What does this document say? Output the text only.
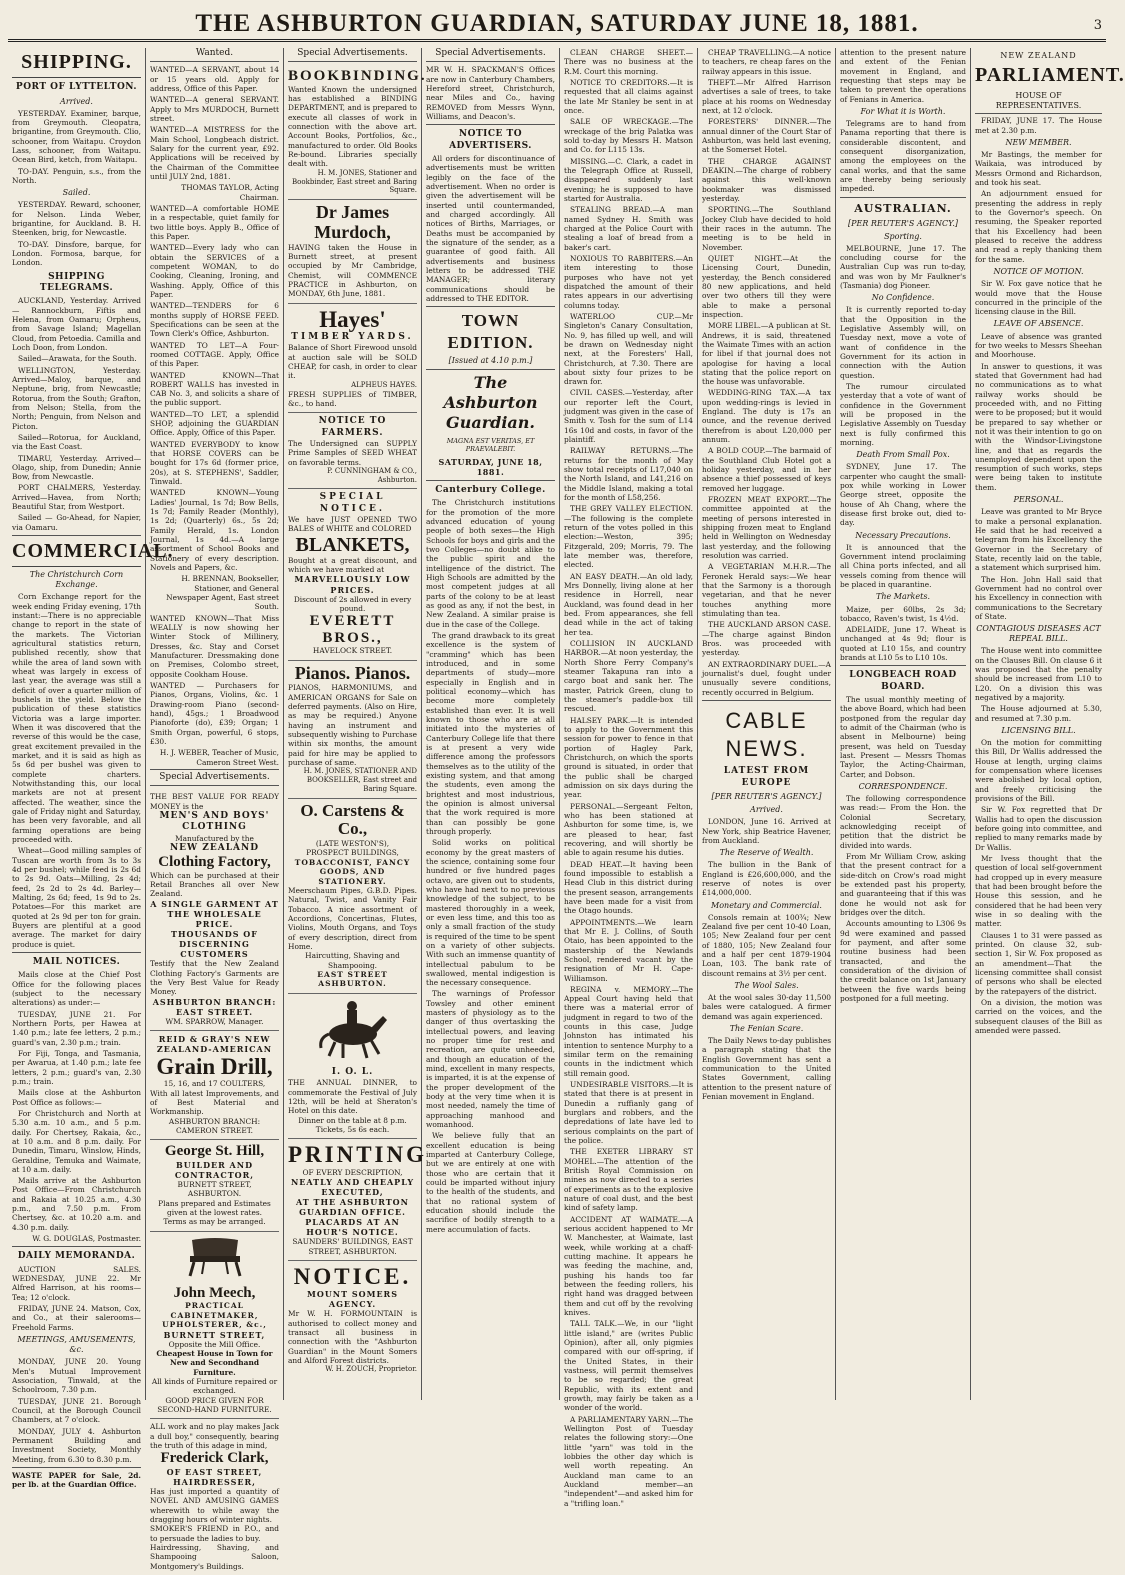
THE ASHBURTON GUARDIAN, SATURDAY JUNE 18, 1881.	3
SHIPPING.
PORT OF LYTTELTON.
Arrived.

YESTERDAY. Examiner, barque, from Greymouth. Cleopatra, brigantine, from Greymouth. Clio, schooner, from Waitapu. Croydon Lass, schooner, from Waitapu. Ocean Bird, ketch, from Waitapu.

TO-DAY. Penguin, s.s., from the North.

Sailed.

YESTERDAY. Reward, schooner, for Nelson. Linda Weber, brigantine, for Auckland. B. H. Steenken, brig, for Newcastle.

TO-DAY. Dinsfore, barque, for London. Formosa, barque, for London.

SHIPPING TELEGRAMS.

AUCKLAND, Yesterday. Arrived — Rannockburn, Fiftis and Helena, from Oamaru; Orpheus, from Savage Island; Magellan Cloud, from Petoedia. Camilla and Loch Doon, from London.

Sailed—Arawata, for the South.

WELLINGTON, Yesterday. Arrived—Maloy, barque, and Neptune, brig, from Newcastle; Rotorua, from the South; Grafton, from Nelson; Stella, from the North; Penguin, from Nelson and Picton.

Sailed—Rotorua, for Auckland, via the East Coast.

TIMARU, Yesterday. Arrived—Olago, ship, from Dunedin; Annie Bow, from Newcastle.

PORT CHALMERS, Yesterday. Arrived—Havea, from North; Beautiful Star, from Westport.

Sailed — Go-Ahead, for Napier, via Oamaru.

COMMERCIAL.
The Christchurch Corn Exchange.

Corn Exchange report for the week ending Friday evening, 17th instant:—There is no appreciable change to report in the state of the markets. The Victorian agricultural statistics return, published recently, show that while the area of land sown with wheat was largely in excess of last year, the average was still a deficit of over a quarter million of bushels in the yield. Below the publication of these statistics Victoria was a large importer. When it was discovered that the reverse of this would be the case, great excitement prevailed in the market, and it is said as high as 5s 6d per bushel was given to complete charters. Notwithstanding this, our local markets are not at present affected. The weather, since the gale of Friday night and Saturday, has been very favorable, and all farming operations are being proceeded with.

Wheat—Good milling samples of Tuscan are worth from 3s to 3s 4d per bushel; while feed is 2s 6d to 2s 9d. Oats—Milling, 2s 4d; feed, 2s 2d to 2s 4d. Barley—Malting, 2s 6d; feed, 1s 9d to 2s. Potatoes—For this market are quoted at 2s 9d per ton for grain. Buyers are plentiful at a good average. The market for dairy produce is quiet.

MAIL NOTICES.

Mails close at the Chief Post Office for the following places (subject to the necessary alterations) as under:—

TUESDAY, JUNE 21. For Northern Ports, per Hawea at 1.40 p.m.; late fee letters, 2 p.m.; guard's van, 2.30 p.m.; train.

For Fiji, Tonga, and Tasmania, per Awarua, at 1.40 p.m.; late fee letters, 2 p.m.; guard's van, 2.30 p.m.; train.

Mails close at the Ashburton Post Office as follows:—

For Christchurch and North at 5.30 a.m. 10 a.m., and 5 p.m. daily. For Chertsey, Rakaia, &c., at 10 a.m. and 8 p.m. daily. For Dunedin, Timaru, Winslow, Hinds, Geraldine, Temuka and Waimate, at 10 a.m. daily.

Mails arrive at the Ashburton Post Office—From Christchurch and Rakaia at 10.25 a.m., 4.30 p.m., and 7.50 p.m. From Chertsey, &c. at 10.20 a.m. and 4.30 p.m. daily.

W. G. DOUGLAS, Postmaster.

DAILY MEMORANDA.

AUCTION SALES. WEDNESDAY, JUNE 22. Mr Alfred Harrison, at his rooms—Tea; 12 o'clock.

FRIDAY, JUNE 24. Matson, Cox, and Co., at their salerooms—Freehold Farms.

MEETINGS, AMUSEMENTS, &c.

MONDAY, JUNE 20. Young Men's Mutual Improvement Association, Tinwald, at the Schoolroom, 7.30 p.m.

TUESDAY, JUNE 21. Borough Council, at the Borough Council Chambers, at 7 o'clock.

MONDAY, JULY 4. Ashburton Permanent Building and Investment Society, Monthly Meeting, from 6.30 to 8.30 p.m.

WASTE PAPER for Sale, 2d. per lb. at the Guardian Office.

Wanted.

WANTED—A SERVANT, about 14 or 15 years old. Apply for address, Office of this Paper.

WANTED—A general SERVANT. Apply to Mrs MURDOCH, Burnett street.

WANTED—A MISTRESS for the Main School, Longbeach district. Salary for the current year, £92. Applications will be received by the Chairman of the Committee until JULY 2nd, 1881.

THOMAS TAYLOR, Acting Chairman.

WANTED—A comfortable HOME in a respectable, quiet family for two little boys. Apply B., Office of this Paper.

WANTED—Every lady who can obtain the SERVICES of a competent WOMAN, to do Cooking, Cleaning, Ironing, and Washing. Apply, Office of this Paper.

WANTED—TENDERS for 6 months supply of HORSE FEED. Specifications can be seen at the Town Clerk's Office, Ashburton.

WANTED TO LET—A Four-roomed COTTAGE. Apply, Office of this Paper.

WANTED KNOWN—That ROBERT WALLS has invested in CAB No. 3, and solicits a share of the public support.

WANTED—TO LET, a splendid SHOP, adjoining the GUARDIAN Office. Apply, Office of this Paper.

WANTED EVERYBODY to know that HORSE COVERS can be bought for 17s 6d (former price, 20s), at S. STEPHENS', Saddler, Tinwald.

WANTED KNOWN—Young Ladies' Journal, 1s 7d; Bow Bells, 1s 7d; Family Reader (Monthly), 1s 2d; (Quarterly) 6s., 5s 2d; Family Herald, 1s. London Journal, 1s 4d.—A large assortment of School Books and Stationery of every description. Novels and Papers, &c.

H. BRENNAN, Bookseller, Stationer, and General Newspaper Agent, East street South.

WANTED KNOWN—That Miss WEALLY is now showing her Winter Stock of Millinery, Dresses, &c. Stay and Corset Manufacturer. Dressmaking done on Premises, Colombo street, opposite Cookham House.

WANTED — Purchasers for Pianos, Organs, Violins, &c. 1 Drawing-room Piano (second-hand), 45gs.; 1 Broadwood Pianoforte (do), £39; Organ; 1 Smith Organ, powerful, 6 stops, £30.

H. J. WEBER, Teacher of Music, Cameron Street West.

Special Advertisements.
THE BEST VALUE FOR READY MONEY is the
MEN'S AND BOYS' CLOTHING
Manufactured by the
NEW ZEALAND
Clothing Factory,
Which can be purchased at their Retail Branches all over New Zealand.
A SINGLE GARMENT AT THE WHOLESALE PRICE.
THOUSANDS OF DISCERNING CUSTOMERS
Testify that the New Zealand Clothing Factory's Garments are the Very Best Value for Ready Money.
ASHBURTON BRANCH: EAST STREET.
WM. SPARROW, Manager.
REID & GRAY'S NEW ZEALAND-AMERICAN
Grain Drill,
15, 16, and 17 COULTERS,
With all latest Improvements, and of Best Material and Workmanship.
ASHBURTON BRANCH: CAMERON STREET.
George St. Hill,
BUILDER AND CONTRACTOR,
BURNETT STREET, ASHBURTON.
Plans prepared and Estimates given at the lowest rates.
Terms as may be arranged.
John Meech,
PRACTICAL CABINETMAKER, UPHOLSTERER, &c.,
BURNETT STREET,
Opposite the Mill Office.
Cheapest House in Town for New and Secondhand Furniture.
All kinds of Furniture repaired or exchanged.
GOOD PRICE GIVEN FOR SECOND-HAND FURNITURE.
ALL work and no play makes Jack a dull boy," consequently, bearing the truth of this adage in mind,
Frederick Clark,
OF EAST STREET, HAIRDRESSER,
Has just imported a quantity of NOVEL AND AMUSING GAMES wherewith to while away the dragging hours of winter nights.
SMOKER'S FRIEND in P.O., and to persuade the ladies to buy.
Hairdressing, Shaving, and Shampooing Saloon, Montgomery's Buildings.
Special Advertisements.
BOOKBINDING.
Wanted Known the undersigned has established a BINDING DEPARTMENT, and is prepared to execute all classes of work in connection with the above art. Account Books, Portfolios, &c., manufactured to order. Old Books Re-bound. Libraries specially dealt with.
H. M. JONES, Stationer and Bookbinder, East street and Baring Square.
Dr James Murdoch,
HAVING taken the House in Burnett street, at present occupied by Mr Cambridge, Chemist, will COMMENCE PRACTICE in Ashburton, on MONDAY, 6th June, 1881.
Hayes'
TIMBER YARDS.
Balance of Short Firewood unsold at auction sale will be SOLD CHEAP, for cash, in order to clear it.
ALPHEUS HAYES.
FRESH SUPPLIES of TIMBER, &c., to hand.
NOTICE TO FARMERS.
The Undersigned can SUPPLY Prime Samples of SEED WHEAT on favorable terms.
P. CUNNINGHAM & CO., Ashburton.
SPECIAL NOTICE.
We have JUST OPENED TWO BALES of WHITE and COLORED
BLANKETS,
Bought at a great discount, and which we have marked at
MARVELLOUSLY LOW PRICES.
Discount of 2s allowed in every pound.
EVERETT BROS.,
HAVELOCK STREET.
Pianos. Pianos.
PIANOS, HARMONIUMS, and AMERICAN ORGANS for Sale on deferred payments. (Also on Hire, as may be required.) Anyone having an instrument and subsequently wishing to Purchase within six months, the amount paid for hire may be applied to purchase of same.
H. M. JONES, STATIONER AND BOOKSELLER, East street and Baring Square.
O. Carstens & Co.,
(LATE WESTON'S),
PROSPECT BUILDINGS,
TOBACCONIST, FANCY GOODS, AND STATIONERY.
Meerschaum Pipes, G.B.D. Pipes. Natural, Twist, and Vanity Fair Tobacco. A nice assortment of Accordions, Concertinas, Flutes, Violins, Mouth Organs, and Toys of every description, direct from Home.
Haircutting, Shaving and Shampooing.
EAST STREET ASHBURTON.
I. O. L.
THE ANNUAL DINNER, to commemorate the Festival of July 12th, will be held at Sheraton's Hotel on this date.
Dinner on the table at 8 p.m.
Tickets, 5s 6s each.
PRINTING
OF EVERY DESCRIPTION,
NEATLY AND CHEAPLY EXECUTED,
AT THE ASHBURTON GUARDIAN OFFICE.
PLACARDS AT AN HOUR'S NOTICE.
SAUNDERS' BUILDINGS, EAST STREET, ASHBURTON.
NOTICE.
MOUNT SOMERS AGENCY.
Mr W. H. FORMOUNTAIN is authorised to collect money and transact all business in connection with the "Ashburton Guardian" in the Mount Somers and Alford Forest districts.
W. H. ZOUCH, Proprietor.
Special Advertisements.

MR W. H. SPACKMAN'S Offices are now in Canterbury Chambers, Hereford street, Christchurch, near Miles and Co., having REMOVED from Messrs Wynn, Williams, and Deacon's.

NOTICE TO ADVERTISERS.

All orders for discontinuance of advertisements must be written legibly on the face of the advertisement. When no order is given the advertisement will be inserted until countermanded, and charged accordingly. All notices of Births, Marriages, or Deaths must be accompanied by the signature of the sender, as a guarantee of good faith. All advertisements and business letters to be addressed THE MANAGER; literary communications should be addressed to THE EDITOR.

TOWN EDITION.
[Issued at 4.10 p.m.]
The Ashburton Guardian.
MAGNA EST VERITAS, ET PRAEVALEBIT.
SATURDAY, JUNE 18, 1881.
Canterbury College.

The Christchurch institutions for the promotion of the more advanced education of young people of both sexes—the High Schools for boys and girls and the two Colleges—no doubt alike to the public spirit and the intelligence of the district. The High Schools are admitted by the most competent judges at all parts of the colony to be at least as good as any, if not the best, in New Zealand. A similar praise is due in the case of the College.

The grand drawback to its great excellence is the system of "cramming" which has been introduced, and in some departments of study—more especially in English and in political economy—which has become more completely established than ever. It is well known to those who are at all initiated into the mysteries of Canterbury College life that there is at present a very wide difference among the professors themselves as to the utility of the existing system, and that among the students, even among the brightest and most industrious, the opinion is almost universal that the work required is more than can possibly be gone through properly.

Solid works on political economy by the great masters of the science, containing some four hundred or five hundred pages octavo, are given out to students, who have had next to no previous knowledge of the subject, to be mastered thoroughly in a week, or even less time, and this too as only a small fraction of the study is required of the time to be spent on a variety of other subjects. With such an immense quantity of intellectual pabulum to be swallowed, mental indigestion is the necessary consequence.

The warnings of Professor Towsley and other eminent masters of physiology as to the danger of thus overtasking the intellectual powers, and leaving no proper time for rest and recreation, are quite unheeded, and though an education of the mind, excellent in many respects, is imparted, it is at the expense of the proper development of the body at the very time when it is most needed, namely the time of approaching manhood and womanhood.

We believe fully that an excellent education is being imparted at Canterbury College, but we are entirely at one with those who are certain that it could be imparted without injury to the health of the students, and that no rational system of education should include the sacrifice of bodily strength to a mere accumulation of facts.

CLEAN CHARGE SHEET.—There was no business at the R.M. Court this morning.

NOTICE TO CREDITORS.—It is requested that all claims against the late Mr Stanley be sent in at once.

SALE OF WRECKAGE.—The wreckage of the brig Palatka was sold to-day by Messrs H. Matson and Co. for L115 13s.

MISSING.—C. Clark, a cadet in the Telegraph Office at Russell, disappeared suddenly last evening; he is supposed to have started for Australia.

STEALING BREAD.—A man named Sydney H. Smith was charged at the Police Court with stealing a loaf of bread from a baker's cart.

NOXIOUS TO RABBITERS.—An item interesting to those purposes who have not yet dispatched the amount of their rates appears in our advertising columns today.

WATERLOO CUP.—Mr Singleton's Canary Consultation, No. 9, has filled up well, and will be drawn on Wednesday night next, at the Foresters' Hall, Christchurch, at 7.30. There are about sixty four prizes to be drawn for.

CIVIL CASES.—Yesterday, after our reporter left the Court, judgment was given in the case of Smith v. Tosh for the sum of L14 16s 10d and costs, in favor of the plaintiff.

RAILWAY RETURNS.—The returns for the month of May show total receipts of L17,040 on the North Island, and L41,216 on the Middle Island, making a total for the month of L58,256.

THE GREY VALLEY ELECTION.—The following is the complete return of the votes polled in this election:—Weston, 395; Fitzgerald, 209; Morris, 79. The late member was, therefore, elected.

AN EASY DEATH.—An old lady, Mrs Donnelly, living alone at her residence in Horrell, near Auckland, was found dead in her bed. From appearances, she fell dead while in the act of taking her tea.

COLLISION IN AUCKLAND HARBOR.—At noon yesterday, the North Shore Ferry Company's steamer Takapuna ran into a cargo boat and sank her. The master, Patrick Green, clung to the steamer's paddle-box till rescued.

HALSEY PARK.—It is intended to apply to the Government this session for power to fence in that portion of Hagley Park, Christchurch, on which the sports ground is situated, in order that the public shall be charged admission on six days during the year.

PERSONAL.—Sergeant Felton, who has been stationed at Ashburton for some time, is, we are pleased to hear, fast recovering, and will shortly be able to again resume his duties.

DEAD HEAT.—It having been found impossible to establish a Head Club in this district during the present season, arrangements have been made for a visit from the Otago hounds.

APPOINTMENTS.—We learn that Mr E. J. Collins, of South Otaio, has been appointed to the mastership of the Newlands School, rendered vacant by the resignation of Mr H. Cape-Williamson.

REGINA v. MEMORY.—The Appeal Court having held that there was a material error of judgment in regard to two of the counts in this case, Judge Johnston has intimated his intention to sentence Murphy to a similar term on the remaining counts in the indictment which still remain good.

UNDESIRABLE VISITORS.—It is stated that there is at present in Dunedin a ruffianly gang of burglars and robbers, and the depredations of late have led to serious complaints on the part of the police.

THE EXETER LIBRARY ST MOHEL.—The attention of the British Royal Commission on mines as now directed to a series of experiments as to the explosive nature of coal dust, and the best kind of safety lamp.

ACCIDENT AT WAIMATE.—A serious accident happened to Mr W. Manchester, at Waimate, last week, while working at a chaff-cutting machine. It appears he was feeding the machine, and, pushing his hands too far between the feeding rollers, his right hand was dragged between them and cut off by the revolving knives.

TALL TALK.—We, in our "light little island," are (writes Public Opinion), after all, only pigmies compared with our off-spring, if the United States, in their vastness, will permit themselves to be so regarded; the great Republic, with its extent and growth, may fairly be taken as a wonder of the world.

A PARLIAMENTARY YARN.—The Wellington Post of Tuesday relates the following story:—One little "yarn" was told in the lobbies the other day which is well worth repeating. An Auckland man came to an Auckland member—an "independent"—and asked him for a "trifling loan."

CHEAP TRAVELLING.—A notice to teachers, re cheap fares on the railway appears in this issue.

THEFT.—Mr Alfred Harrison advertises a sale of trees, to take place at his rooms on Wednesday next, at 12 o'clock.

FORESTERS' DINNER.—The annual dinner of the Court Star of Ashburton, was held last evening, at the Somerset Hotel.

THE CHARGE AGAINST DEAKIN.—The charge of robbery against this well-known bookmaker was dismissed yesterday.

SPORTING.—The Southland Jockey Club have decided to hold their races in the autumn. The meeting is to be held in November.

QUIET NIGHT.—At the Licensing Court, Dunedin, yesterday, the Bench considered 80 new applications, and held over two others till they were able to make a personal inspection.

MORE LIBEL.—A publican at St. Andrews, it is said, threatened the Waimate Times with an action for libel if that journal does not apologise for having a local stating that the police report on the house was unfavorable.

WEDDING-RING TAX.—A tax upon wedding-rings is levied in England. The duty is 17s an ounce, and the revenue derived therefrom is about L20,000 per annum.

A BOLD COUP.—The barmaid of the Southland Club Hotel got a holiday yesterday, and in her absence a thief possessed of keys removed her luggage.

FROZEN MEAT EXPORT.—The committee appointed at the meeting of persons interested in shipping frozen meat to England held in Wellington on Wednesday last yesterday, and the following resolution was carried.

A VEGETARIAN M.H.R.—The Feronek Herald says:—We hear that the Sarmony is a thorough vegetarian, and that he never touches anything more stimulating than tea.

THE AUCKLAND ARSON CASE.—The charge against Bindon Bros. was proceeded with yesterday.

AN EXTRAORDINARY DUEL.—A journalist's duel, fought under unusually severe conditions, recently occurred in Belgium.

CABLE NEWS.
LATEST FROM EUROPE
[PER REUTER'S AGENCY.]
Arrived.

LONDON, June 16. Arrived at New York, ship Beatrice Havener, from Auckland.

The Reserve of Wealth.

The bullion in the Bank of England is £26,600,000, and the reserve of notes is over £14,000,000.

Monetary and Commercial.

Consols remain at 100¾; New Zealand five per cent 10-40 Loan, 105; New Zealand four per cent of 1880, 105; New Zealand four and a half per cent 1879-1904 Loan, 103. The bank rate of discount remains at 3½ per cent.

The Wool Sales.

At the wool sales 30-day 11,500 bales were catalogued. A firmer demand was again experienced.

The Fenian Scare.

The Daily News to-day publishes a paragraph stating that the English Government has sent a communication to the United States Government, calling attention to the present nature of Fenian movement in England.

attention to the present nature and extent of the Fenian movement in England, and requesting that steps may be taken to prevent the operations of Fenians in America.

For What it is Worth.

Telegrams are to hand from Panama reporting that there is considerable discontent, and consequent disorganization, among the employees on the canal works, and that the same are thereby being seriously impeded.

AUSTRALIAN.
[PER REUTER'S AGENCY.]
Sporting.

MELBOURNE, June 17. The concluding course for the Australian Cup was run to-day, and was won by Mr Faulkner's (Tasmania) dog Pioneer.

No Confidence.

It is currently reported to-day that the Opposition in the Legislative Assembly will, on Tuesday next, move a vote of want of confidence in the Government for its action in connection with the Aution question.

The rumour circulated yesterday that a vote of want of confidence in the Government will be proposed in the Legislative Assembly on Tuesday next is fully confirmed this morning.

Death From Small Pox.

SYDNEY, June 17. The carpenter who caught the small-pox while working in Lower George street, opposite the house of Ah Chang, where the disease first broke out, died to-day.

Necessary Precautions.

It is announced that the Government intend proclaiming all China ports infected, and all vessels coming from thence will be placed in quarantine.

The Markets.

Maize, per 60lbs, 2s 3d; tobacco, Raven's twist, 1s 4½d.

ADELAIDE, June 17. Wheat is unchanged at 4s 9d; flour is quoted at L10 15s, and country brands at L10 5s to L10 10s.

LONGBEACH ROAD BOARD.

The usual monthly meeting of the above Board, which had been postponed from the regular day to admit of the Chairman (who is absent in Melbourne) being present, was held on Tuesday last. Present — Messrs Thomas Taylor, the Acting-Chairman, Carter, and Dobson.

CORRESPONDENCE.

The following correspondence was read:— From the Hon. the Colonial Secretary, acknowledging receipt of petition that the district be divided into wards.

From Mr William Crow, asking that the present contract for a side-ditch on Crow's road might be extended past his property, and guaranteeing that if this was done he would not ask for bridges over the ditch.

Accounts amounting to L306 9s 9d were examined and passed for payment, and after some routine business had been transacted, and the consideration of the division of the credit balance on 1st January between the five wards being postponed for a full meeting.

NEW ZEALAND
PARLIAMENT.
HOUSE OF REPRESENTATIVES.

FRIDAY, JUNE 17. The House met at 2.30 p.m.

NEW MEMBER.

Mr Bastings, the member for Waikaia, was introduced by Messrs Ormond and Richardson, and took his seat.

An adjournment ensued for presenting the address in reply to the Governor's speech. On resuming, the Speaker reported that his Excellency had been pleased to receive the address and read a reply thanking them for the same.

NOTICE OF MOTION.

Sir W. Fox gave notice that he would move that the House concurred in the principle of the licensing clause in the Bill.

LEAVE OF ABSENCE.

Leave of absence was granted for two weeks to Messrs Sheehan and Moorhouse.

In answer to questions, it was stated that Government had had no communications as to what railway works should be proceeded with, and no Fitting were to be proposed; but it would be prepared to say whether or not it was their intention to go on with the Windsor-Livingstone line, and that as regards the unemployed dependent upon the resumption of such works, steps were being taken to institute them.

PERSONAL.

Leave was granted to Mr Bryce to make a personal explanation. He said that he had received a telegram from his Excellency the Governor in the Secretary of State, recently laid on the table, a statement which surprised him.

The Hon. John Hall said that Government had no control over his Excellency in connection with communications to the Secretary of State.

CONTAGIOUS DISEASES ACT REPEAL BILL.

The House went into committee on the Clauses Bill. On clause 6 it was proposed that the penalty should be increased from L10 to L20. On a division this was negatived by a majority.

The House adjourned at 5.30, and resumed at 7.30 p.m.

LICENSING BILL.

On the motion for committing this Bill, Dr Wallis addressed the House at length, urging claims for compensation where licenses were abolished by local option, and freely criticising the provisions of the Bill.

Sir W. Fox regretted that Dr Wallis had to open the discussion before going into committee, and replied to many remarks made by Dr Wallis.

Mr Ivess thought that the question of local self-government had cropped up in every measure that had been brought before the House this session, and he considered that he had been very wise in so dealing with the matter.

Clauses 1 to 31 were passed as printed. On clause 32, sub-section 1, Sir W. Fox proposed as an amendment—That the licensing committee shall consist of persons who shall be elected by the ratepayers of the district.

On a division, the motion was carried on the voices, and the subsequent clauses of the Bill as amended were passed.
